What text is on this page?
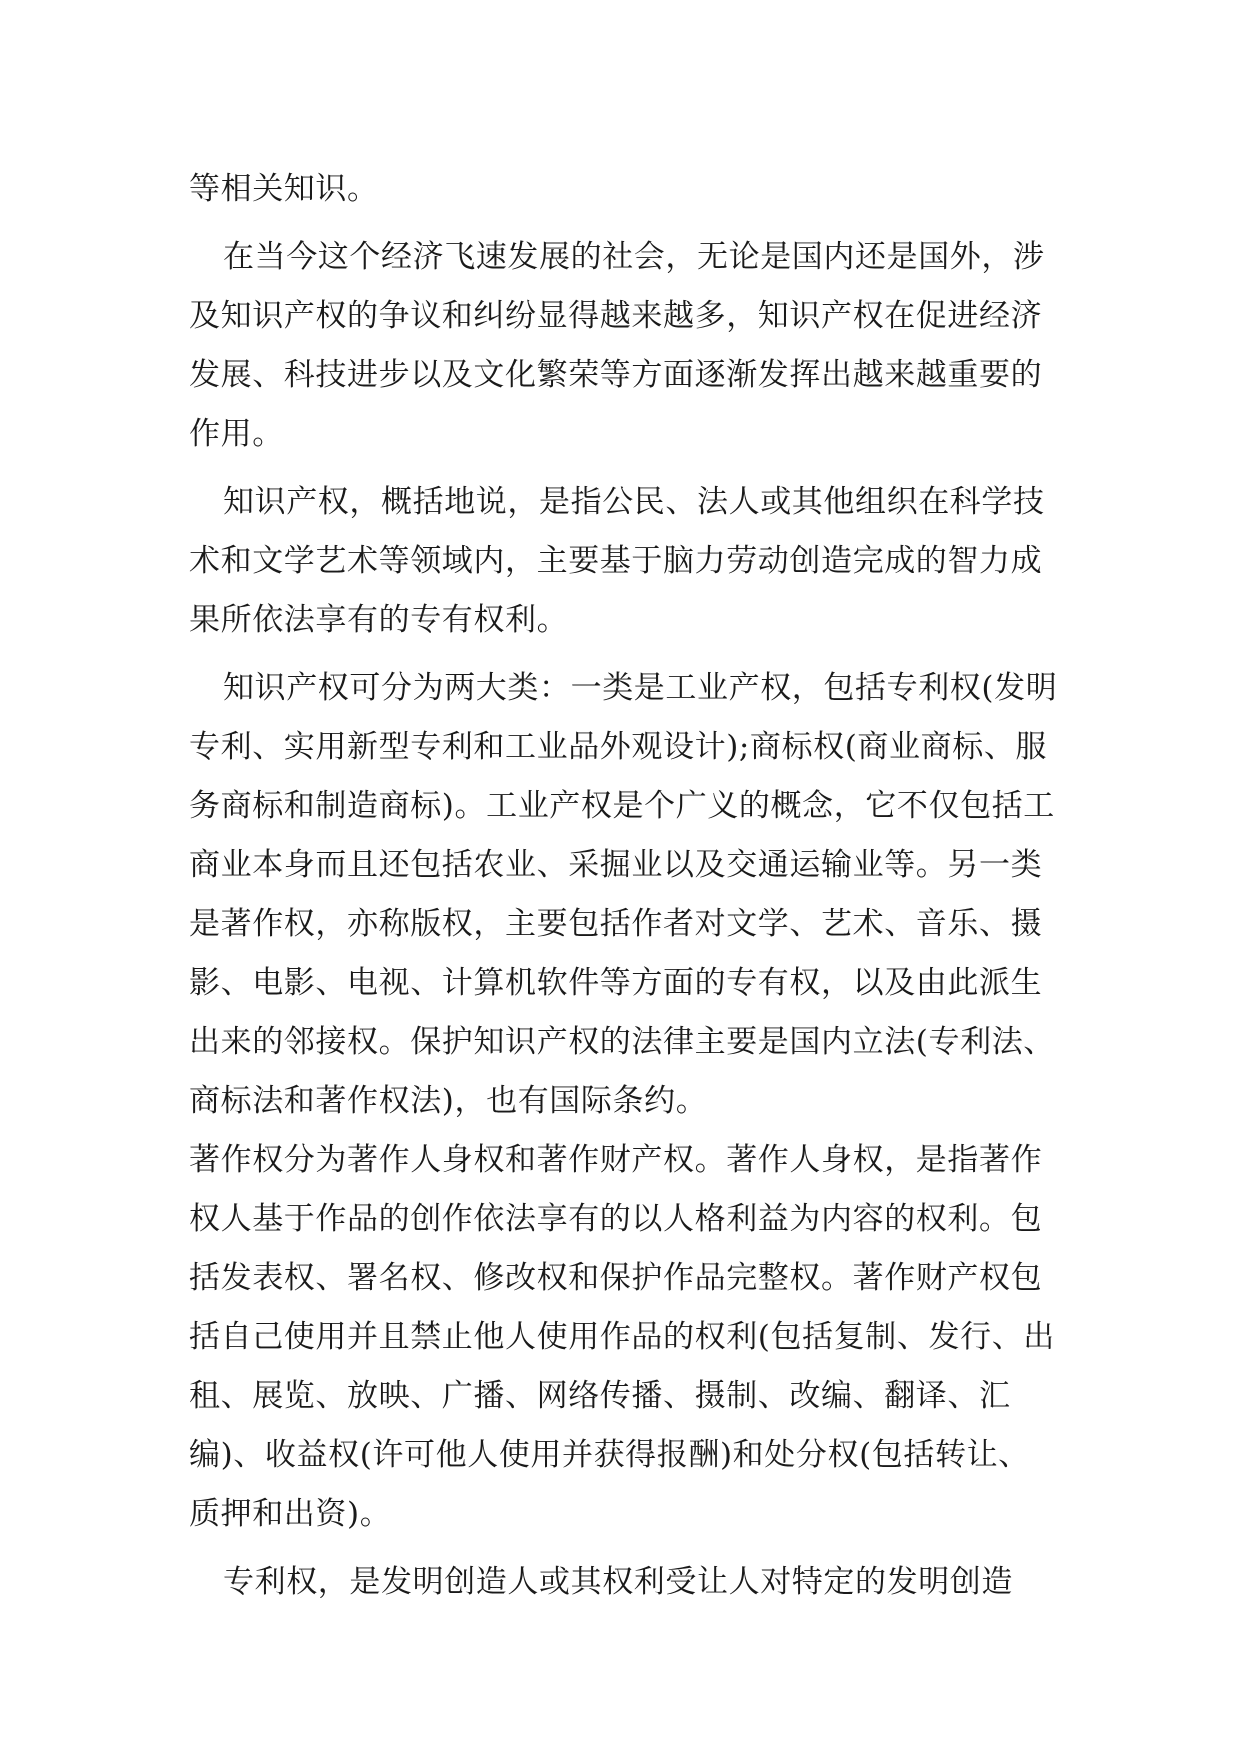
等相关知识。

在当今这个经济飞速发展的社会，无论是国内还是国外，涉及知识产权的争议和纠纷显得越来越多，知识产权在促进经济发展、科技进步以及文化繁荣等方面逐渐发挥出越来越重要的作用。

知识产权，概括地说，是指公民、法人或其他组织在科学技术和文学艺术等领域内，主要基于脑力劳动创造完成的智力成果所依法享有的专有权利。

知识产权可分为两大类：一类是工业产权，包括专利权(发明专利、实用新型专利和工业品外观设计);商标权(商业商标、服务商标和制造商标)。工业产权是个广义的概念，它不仅包括工商业本身而且还包括农业、采掘业以及交通运输业等。另一类是著作权，亦称版权，主要包括作者对文学、艺术、音乐、摄影、电影、电视、计算机软件等方面的专有权，以及由此派生出来的邻接权。保护知识产权的法律主要是国内立法(专利法、商标法和著作权法)，也有国际条约。

著作权分为著作人身权和著作财产权。著作人身权，是指著作权人基于作品的创作依法享有的以人格利益为内容的权利。包括发表权、署名权、修改权和保护作品完整权。著作财产权包括自己使用并且禁止他人使用作品的权利(包括复制、发行、出租、展览、放映、广播、网络传播、摄制、改编、翻译、汇编)、收益权(许可他人使用并获得报酬)和处分权(包括转让、质押和出资)。

专利权，是发明创造人或其权利受让人对特定的发明创造
